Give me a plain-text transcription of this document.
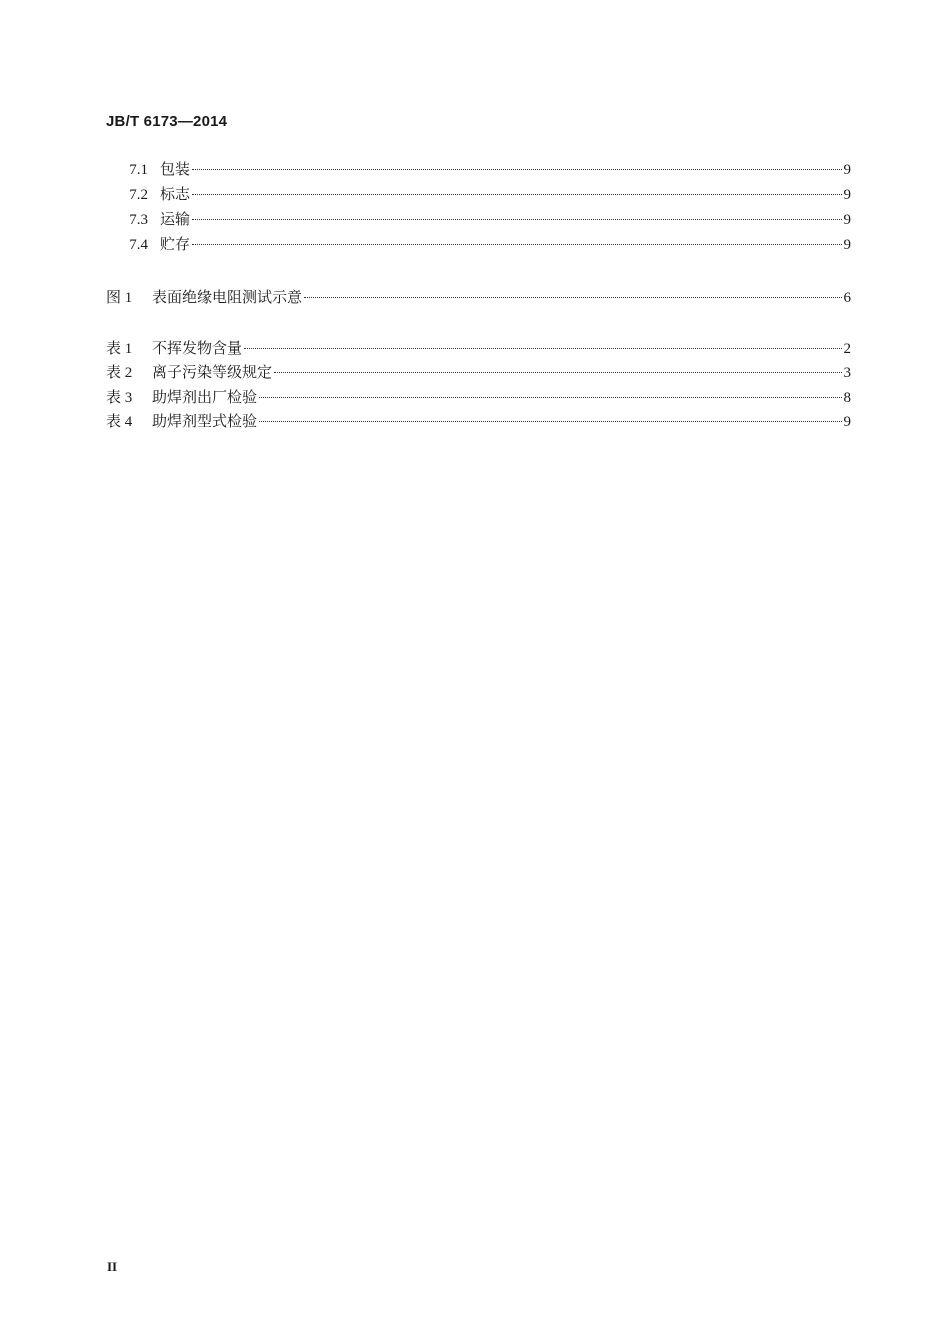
JB/T 6173—2014
7.1 包装	9
7.2 标志	9
7.3 运输	9
7.4 贮存	9
图 1	表面绝缘电阻测试示意	6
表 1	不挥发物含量	2
表 2	离子污染等级规定	3
表 3	助焊剂出厂检验	8
表 4	助焊剂型式检验	9
II
